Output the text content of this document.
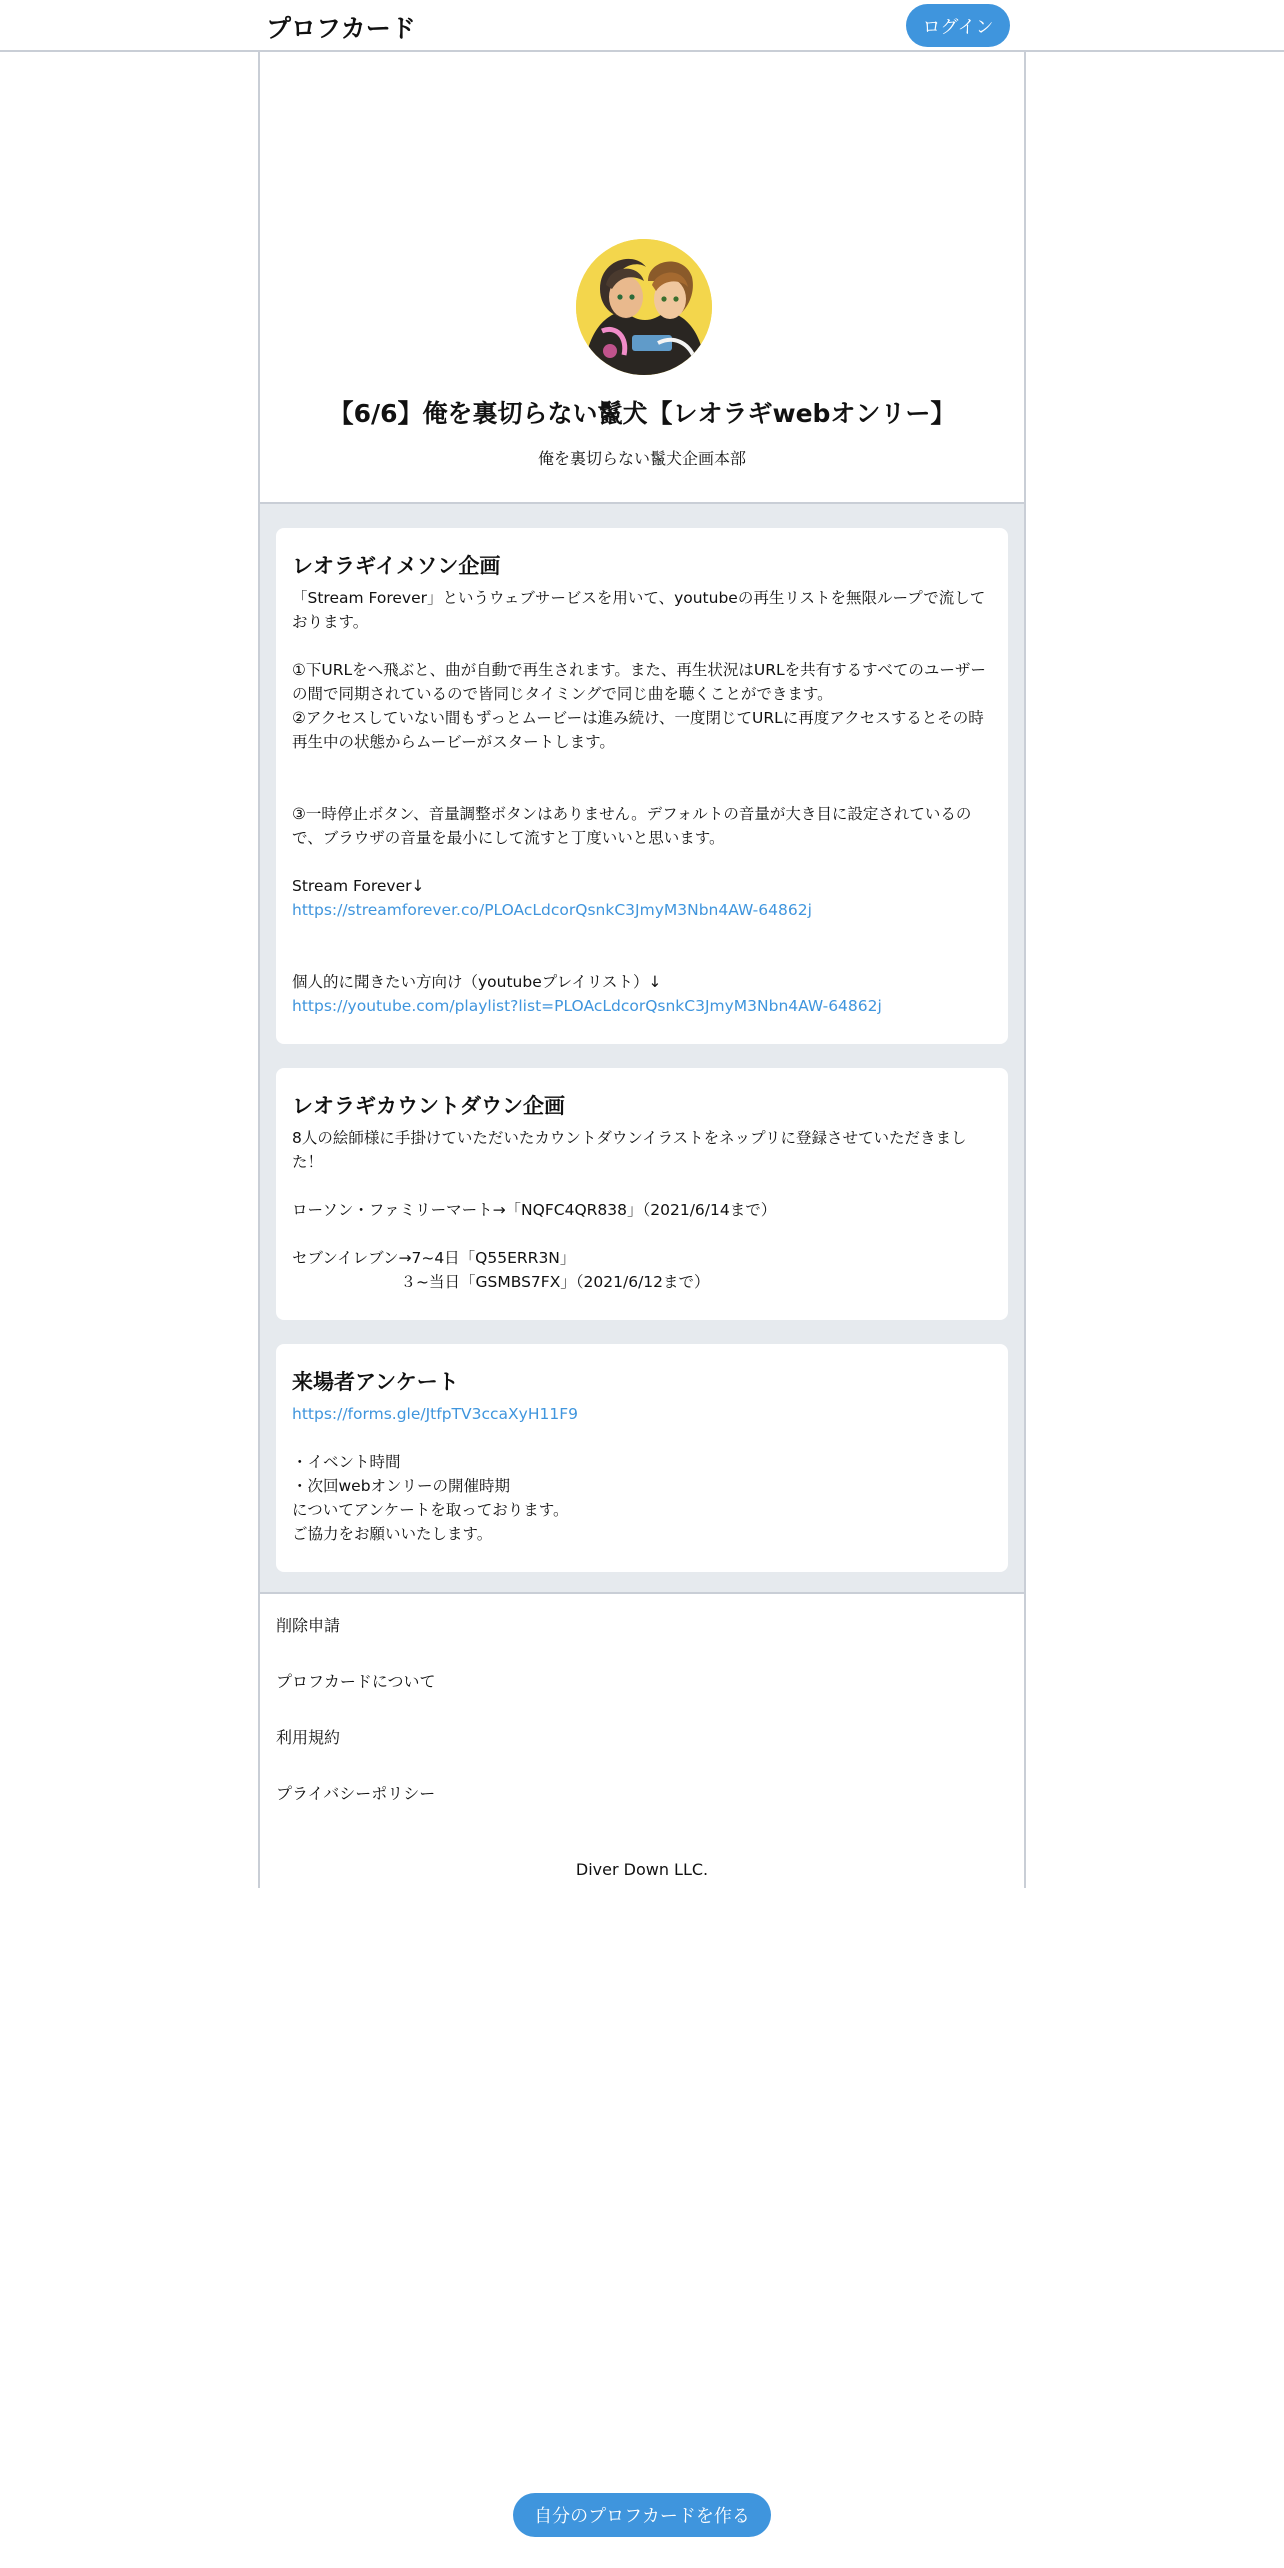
プロフカード	ログイン
【6/6】俺を裏切らない鬣犬【レオラギwebオンリー】
俺を裏切らない鬣犬企画本部
レオラギイメソン企画
「Stream Forever」というウェブサービスを用いて、youtubeの再生リストを無限ループで流しております。

①下URLをへ飛ぶと、曲が自動で再生されます。また、再生状況はURLを共有するすべてのユーザーの間で同期されているので皆同じタイミングで同じ曲を聴くことができます。
②アクセスしていない間もずっとムービーは進み続け、一度閉じてURLに再度アクセスするとその時再生中の状態からムービーがスタートします。

③一時停止ボタン、音量調整ボタンはありません。デフォルトの音量が大き目に設定されているので、ブラウザの音量を最小にして流すと丁度いいと思います。

Stream Forever↓
https://streamforever.co/PLOAcLdcorQsnkC3JmyM3Nbn4AW-64862j

個人的に聞きたい方向け（youtubeプレイリスト）↓
https://youtube.com/playlist?list=PLOAcLdcorQsnkC3JmyM3Nbn4AW-64862j
レオラギカウントダウン企画
8人の絵師様に手掛けていただいたカウントダウンイラストをネップリに登録させていただきました！

ローソン・ファミリーマート→「NQFC4QR838」（2021/6/14まで）

セブンイレブン→7~4日「Q55ERR3N」
　　　　　　　３~当日「GSMBS7FX」（2021/6/12まで）
来場者アンケート
https://forms.gle/JtfpTV3ccaXyH11F9

・イベント時間
・次回webオンリーの開催時期
についてアンケートを取っております。
ご協力をお願いいたします。
削除申請
プロフカードについて
利用規約
プライバシーポリシー
Diver Down LLC.
自分のプロフカードを作る
